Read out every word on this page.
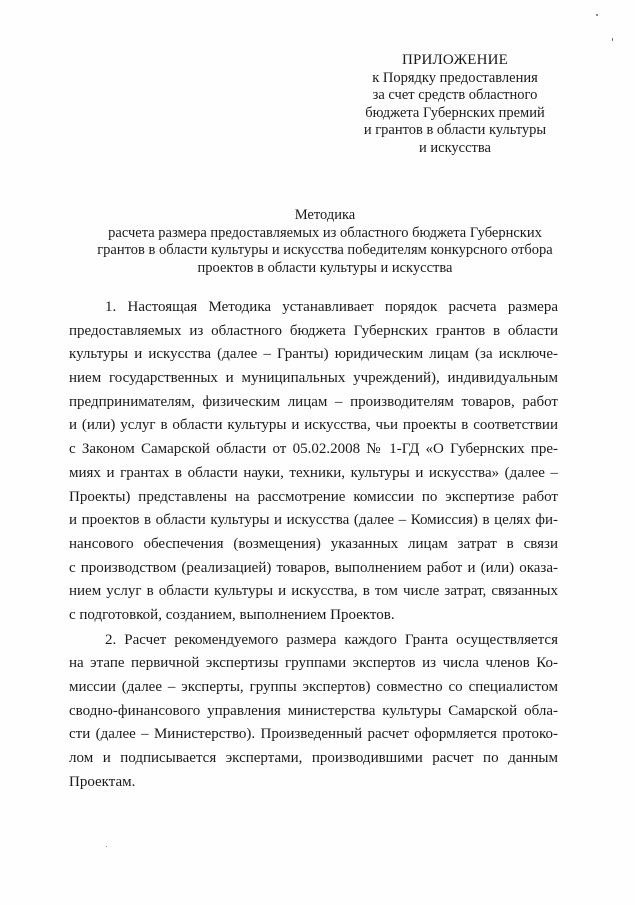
ПРИЛОЖЕНИЕ
к Порядку предоставления
за счет средств областного
бюджета Губернских премий
и грантов в области культуры
и искусства
Методика
расчета размера предоставляемых из областного бюджета Губернских
грантов в области культуры и искусства победителям конкурсного отбора
проектов в области культуры и искусства
1. Настоящая Методика устанавливает порядок расчета размера
предоставляемых из областного бюджета Губернских грантов в области
культуры и искусства (далее – Гранты) юридическим лицам (за исключе-
нием государственных и муниципальных учреждений), индивидуальным
предпринимателям, физическим лицам – производителям товаров, работ
и (или) услуг в области культуры и искусства, чьи проекты в соответствии
с Законом Самарской области от 05.02.2008 № 1-ГД «О Губернских пре-
миях и грантах в области науки, техники, культуры и искусства» (далее –
Проекты) представлены на рассмотрение комиссии по экспертизе работ
и проектов в области культуры и искусства (далее – Комиссия) в целях фи-
нансового обеспечения (возмещения) указанных лицам затрат в связи
с производством (реализацией) товаров, выполнением работ и (или) оказа-
нием услуг в области культуры и искусства, в том числе затрат, связанных
с подготовкой, созданием, выполнением Проектов.
2. Расчет рекомендуемого размера каждого Гранта осуществляется
на этапе первичной экспертизы группами экспертов из числа членов Ко-
миссии (далее – эксперты, группы экспертов) совместно со специалистом
сводно-финансового управления министерства культуры Самарской обла-
сти (далее – Министерство). Произведенный расчет оформляется протоко-
лом и подписывается экспертами, производившими расчет по данным
Проектам.
